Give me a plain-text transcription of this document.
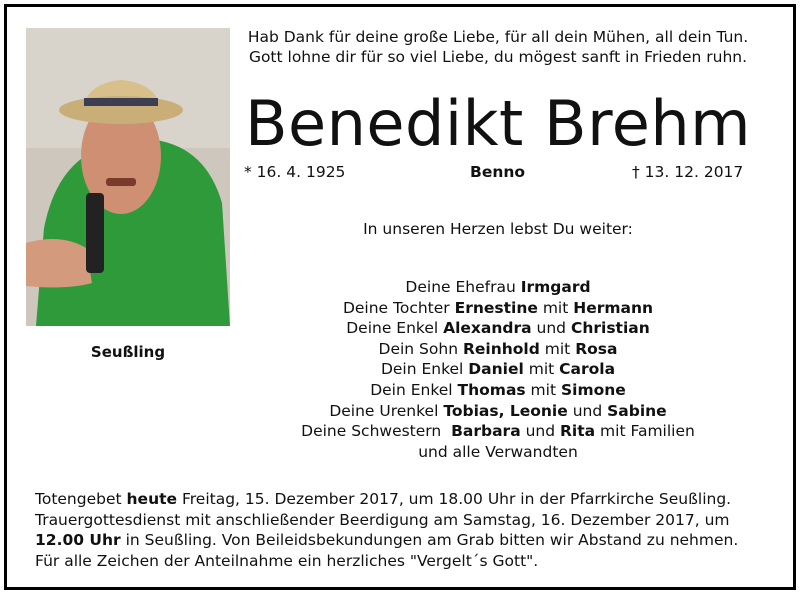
Seußling
Hab Dank für deine große Liebe, für all dein Mühen, all dein Tun.
Gott lohne dir für so viel Liebe, du mögest sanft in Frieden ruhn.
Benedikt Brehm
* 16. 4. 1925	Benno	† 13. 12. 2017
In unseren Herzen lebst Du weiter:
Deine Ehefrau Irmgard
Deine Tochter Ernestine mit Hermann
Deine Enkel Alexandra und Christian
Dein Sohn Reinhold mit Rosa
Dein Enkel Daniel mit Carola
Dein Enkel Thomas mit Simone
Deine Urenkel Tobias, Leonie und Sabine
Deine Schwestern  Barbara und Rita mit Familien
und alle Verwandten

Totengebet heute Freitag, 15. Dezember 2017, um 18.00 Uhr in der Pfarrkirche Seußling.

Trauergottesdienst mit anschließender Beerdigung am Samstag, 16. Dezember 2017, um

12.00 Uhr in Seußling. Von Beileidsbekundungen am Grab bitten wir Abstand zu nehmen.

Für alle Zeichen der Anteilnahme ein herzliches "Vergelt´s Gott".
